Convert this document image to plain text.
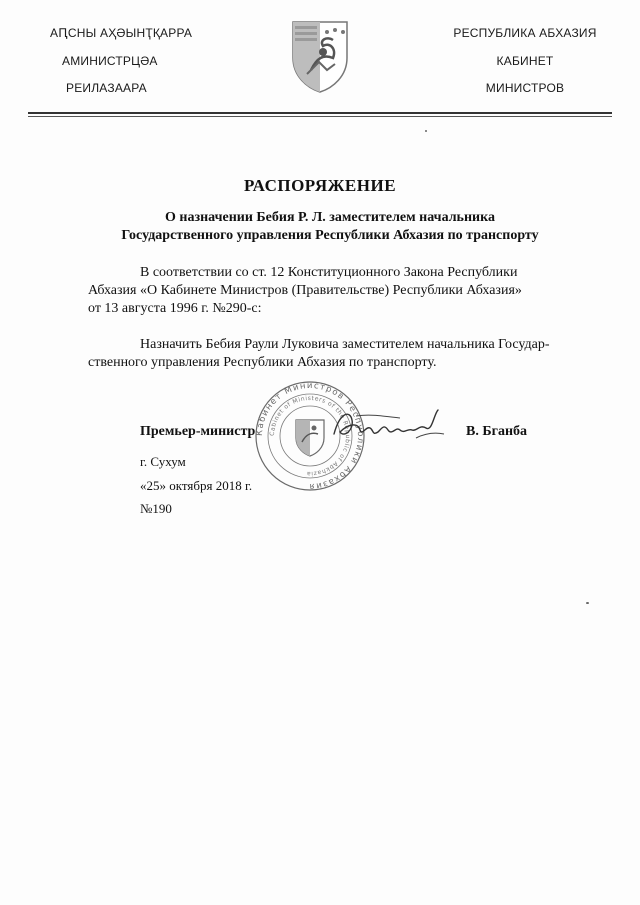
АԤСНЫ АҲӘЫНҬҚАРРА
АМИНИСТРЦӘА
РЕИЛАЗААРА
РЕСПУБЛИКА АБХАЗИЯ
КАБИНЕТ
МИНИСТРОВ
РАСПОРЯЖЕНИЕ
О назначении Бебия Р. Л. заместителем начальника
Государственного управления Республики Абхазия по транспорту
В соответствии со ст. 12 Конституционного Закона Республики
Абхазия «О Кабинете Министров (Правительстве) Республики Абхазия»
от 13 августа 1996 г. №290-с:
Назначить Бебия Раули Луковича заместителем начальника Государ-
ственного управления Республики Абхазия по транспорту.
Кабинет Министров Республики Абхазия
Cabinet of Ministers of the Republic of Abkhazia
Премьер-министр	В. Бганба
г. Сухум
«25» октября 2018 г.
№190
